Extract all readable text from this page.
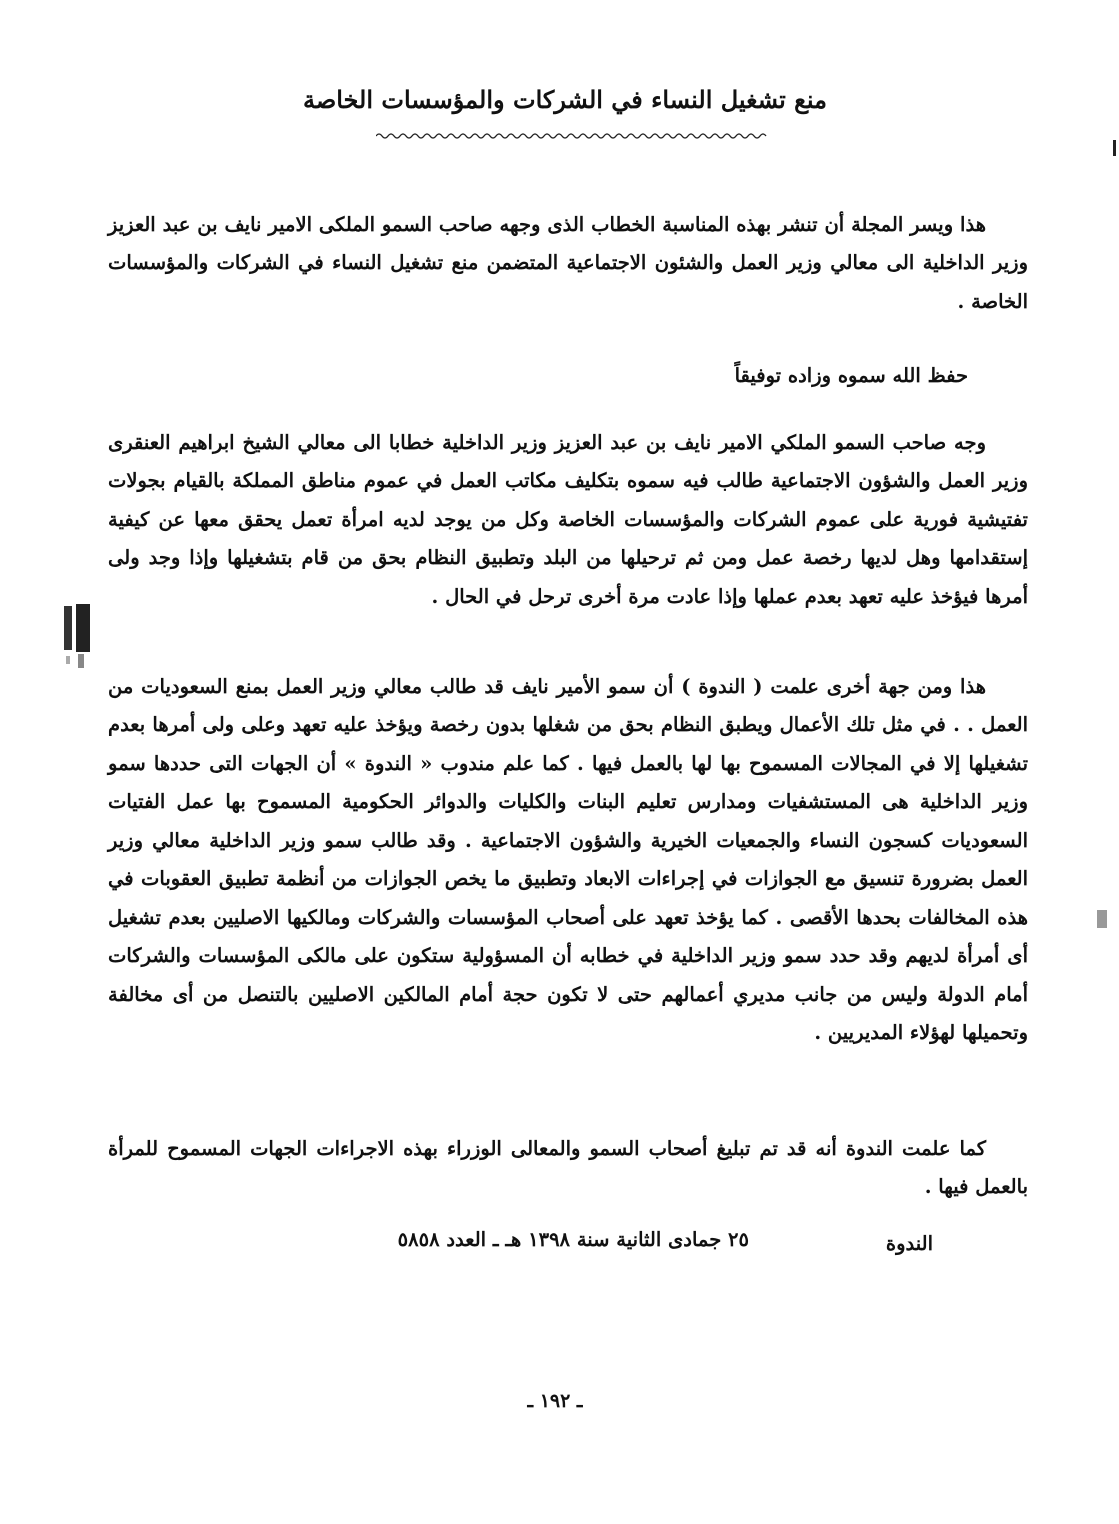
منع تشغيل النساء في الشركات والمؤسسات الخاصة

هذا ويسر المجلة أن تنشر بهذه المناسبة الخطاب الذى وجهه صاحب السمو الملكى الامير نايف بن عبد العزيز وزير الداخلية الى معالي وزير العمل والشئون الاجتماعية المتضمن منع تشغيل النساء في الشركات والمؤسسات الخاصة .

حفظ الله سموه وزاده توفيقاً

وجه صاحب السمو الملكي الامير نايف بن عبد العزيز وزير الداخلية خطابا الى معالي الشيخ ابراهيم العنقرى وزير العمل والشؤون الاجتماعية طالب فيه سموه بتكليف مكاتب العمل في عموم مناطق المملكة بالقيام بجولات تفتيشية فورية على عموم الشركات والمؤسسات الخاصة وكل من يوجد لديه امرأة تعمل يحقق معها عن كيفية إستقدامها وهل لديها رخصة عمل ومن ثم ترحيلها من البلد وتطبيق النظام بحق من قام بتشغيلها وإذا وجد ولى أمرها فيؤخذ عليه تعهد بعدم عملها وإذا عادت مرة أخرى ترحل في الحال .

هذا ومن جهة أخرى علمت ( الندوة ) أن سمو الأمير نايف قد طالب معالي وزير العمل بمنع السعوديات من العمل . . في مثل تلك الأعمال ويطبق النظام بحق من شغلها بدون رخصة ويؤخذ عليه تعهد وعلى ولى أمرها بعدم تشغيلها إلا في المجالات المسموح بها لها بالعمل فيها . كما علم مندوب « الندوة » أن الجهات التى حددها سمو وزير الداخلية هى المستشفيات ومدارس تعليم البنات والكليات والدوائر الحكومية المسموح بها عمل الفتيات السعوديات كسجون النساء والجمعيات الخيرية والشؤون الاجتماعية . وقد طالب سمو وزير الداخلية معالي وزير العمل بضرورة تنسيق مع الجوازات في إجراءات الابعاد وتطبيق ما يخص الجوازات من أنظمة تطبيق العقوبات في هذه المخالفات بحدها الأقصى . كما يؤخذ تعهد على أصحاب المؤسسات والشركات ومالكيها الاصليين بعدم تشغيل أى أمرأة لديهم وقد حدد سمو وزير الداخلية في خطابه أن المسؤولية ستكون على مالكى المؤسسات والشركات أمام الدولة وليس من جانب مديري أعمالهم حتى لا تكون حجة أمام المالكين الاصليين بالتنصل من أى مخالفة وتحميلها لهؤلاء المديريين .

كما علمت الندوة أنه قد تم تبليغ أصحاب السمو والمعالى الوزراء بهذه الاجراءات الجهات المسموح للمرأة بالعمل فيها .

الندوة
٢٥ جمادى الثانية سنة ١٣٩٨ هـ ـ العدد ٥٨٥٨
ـ ١٩٢ ـ
